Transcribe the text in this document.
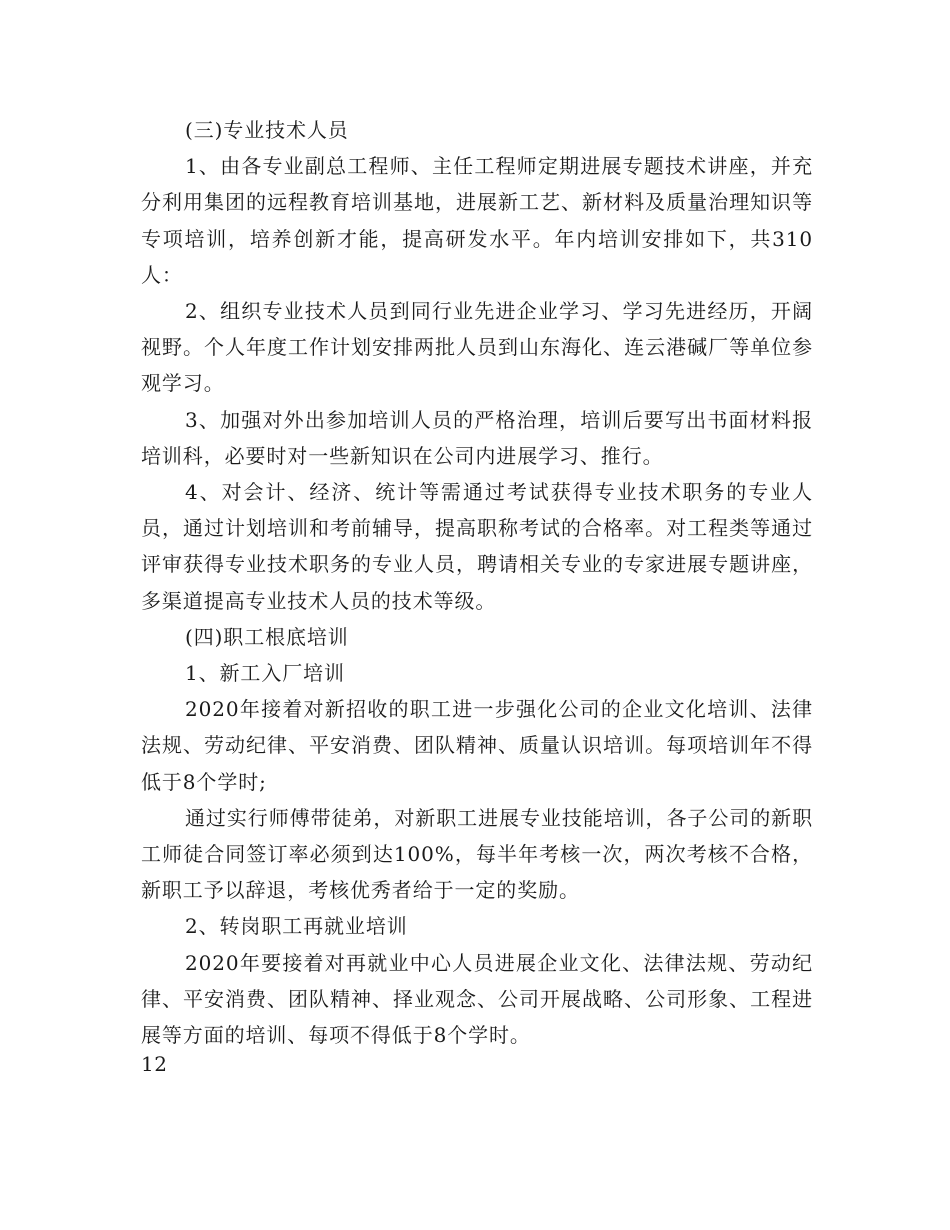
(三)专业技术人员

1、由各专业副总工程师、主任工程师定期进展专题技术讲座，并充分利用集团的远程教育培训基地，进展新工艺、新材料及质量治理知识等专项培训，培养创新才能，提高研发水平。年内培训安排如下，共310人：

2、组织专业技术人员到同行业先进企业学习、学习先进经历，开阔视野。个人年度工作计划安排两批人员到山东海化、连云港碱厂等单位参观学习。

3、加强对外出参加培训人员的严格治理，培训后要写出书面材料报培训科，必要时对一些新知识在公司内进展学习、推行。

4、对会计、经济、统计等需通过考试获得专业技术职务的专业人员，通过计划培训和考前辅导，提高职称考试的合格率。对工程类等通过评审获得专业技术职务的专业人员，聘请相关专业的专家进展专题讲座，多渠道提高专业技术人员的技术等级。

(四)职工根底培训

1、新工入厂培训

2020年接着对新招收的职工进一步强化公司的企业文化培训、法律法规、劳动纪律、平安消费、团队精神、质量认识培训。每项培训年不得低于8个学时;

通过实行师傅带徒弟，对新职工进展专业技能培训，各子公司的新职工师徒合同签订率必须到达100%，每半年考核一次，两次考核不合格，新职工予以辞退，考核优秀者给于一定的奖励。

2、转岗职工再就业培训

2020年要接着对再就业中心人员进展企业文化、法律法规、劳动纪律、平安消费、团队精神、择业观念、公司开展战略、公司形象、工程进展等方面的培训、每项不得低于8个学时。

12
